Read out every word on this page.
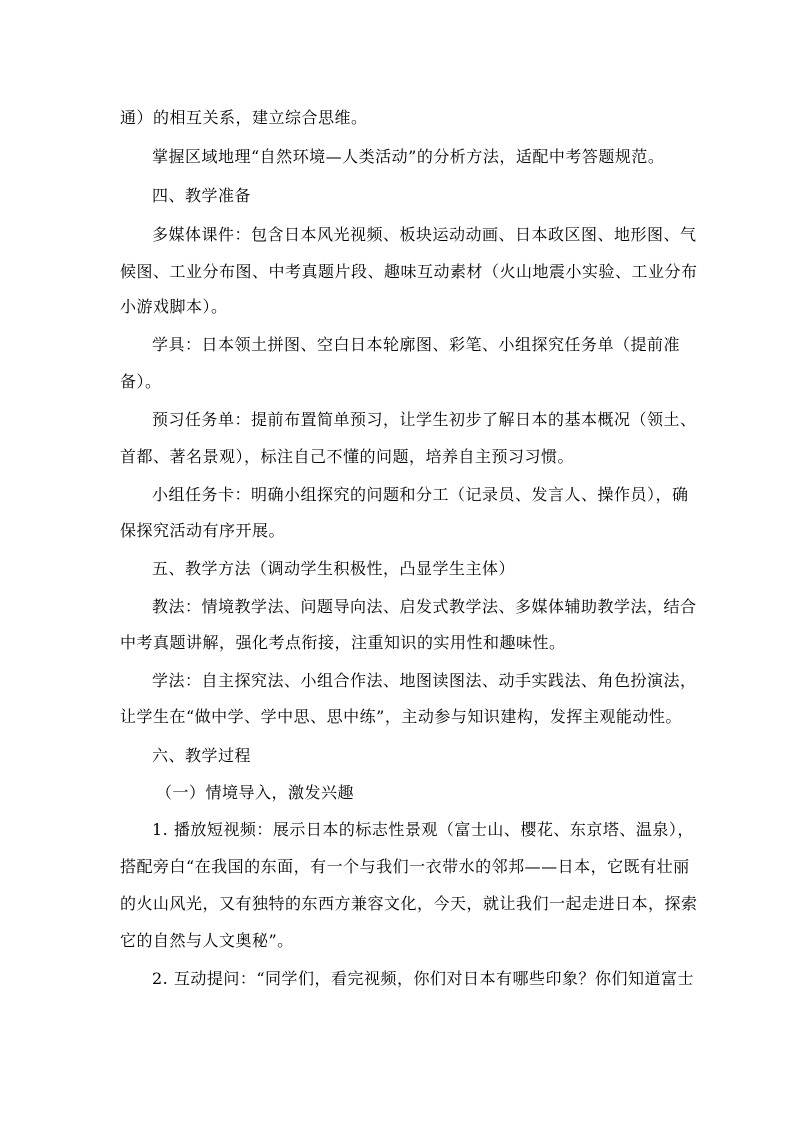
通）的相互关系，建立综合思维。
掌握区域地理“自然环境—人类活动”的分析方法，适配中考答题规范。
四、教学准备
多媒体课件：包含日本风光视频、板块运动动画、日本政区图、地形图、气
候图、工业分布图、中考真题片段、趣味互动素材（火山地震小实验、工业分布
小游戏脚本）。
学具：日本领土拼图、空白日本轮廓图、彩笔、小组探究任务单（提前准
备）。
预习任务单：提前布置简单预习，让学生初步了解日本的基本概况（领土、
首都、著名景观），标注自己不懂的问题，培养自主预习习惯。
小组任务卡：明确小组探究的问题和分工（记录员、发言人、操作员），确
保探究活动有序开展。
五、教学方法（调动学生积极性，凸显学生主体）
教法：情境教学法、问题导向法、启发式教学法、多媒体辅助教学法，结合
中考真题讲解，强化考点衔接，注重知识的实用性和趣味性。
学法：自主探究法、小组合作法、地图读图法、动手实践法、角色扮演法，
让学生在“做中学、学中思、思中练”，主动参与知识建构，发挥主观能动性。
六、教学过程
（一）情境导入，激发兴趣
1. 播放短视频：展示日本的标志性景观（富士山、樱花、东京塔、温泉），
搭配旁白“在我国的东面，有一个与我们一衣带水的邻邦——日本，它既有壮丽
的火山风光，又有独特的东西方兼容文化，今天，就让我们一起走进日本，探索
它的自然与人文奥秘”。
2. 互动提问：“同学们，看完视频，你们对日本有哪些印象？你们知道富士
